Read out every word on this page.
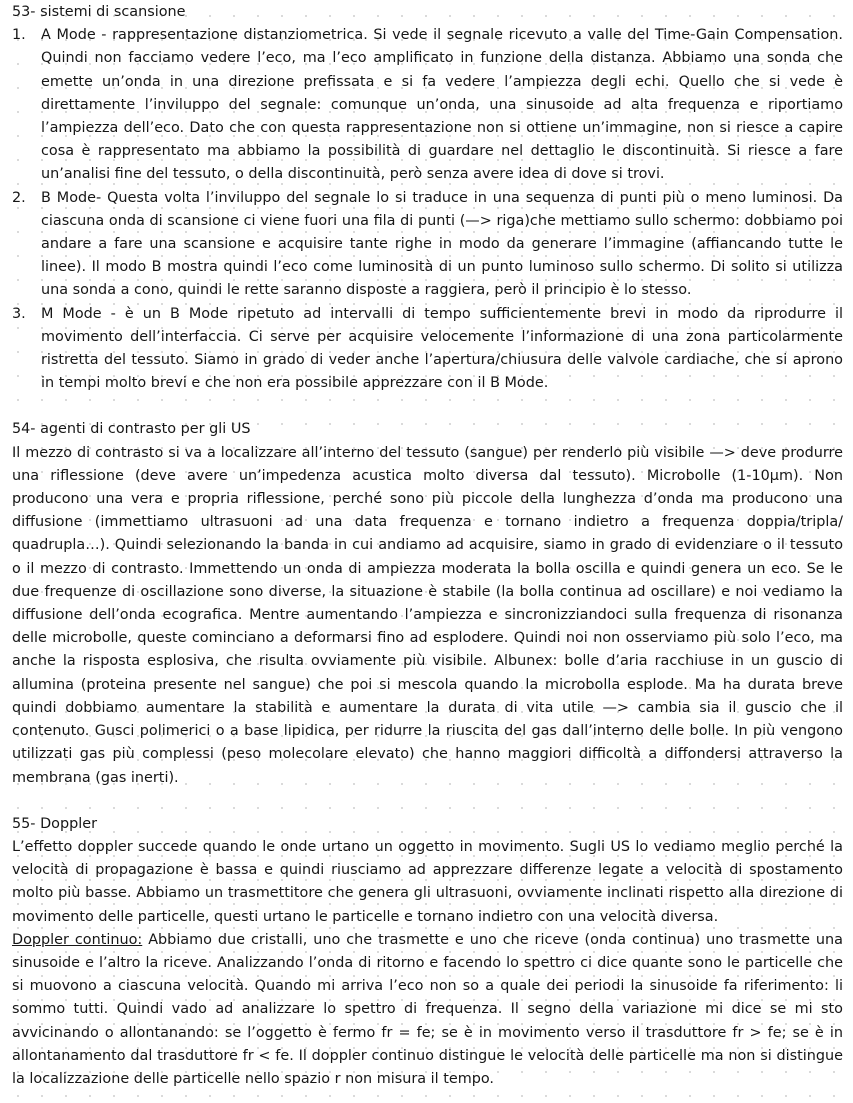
53- sistemi di scansione

1. A Mode - rappresentazione distanziometrica. Si vede il segnale ricevuto a valle del Time-Gain Compensation. Quindi non facciamo vedere l’eco, ma l’eco amplificato in funzione della distanza. Abbiamo una sonda che emette un’onda in una direzione prefissata e si fa vedere l’ampiezza degli echi. Quello che si vede è direttamente l’inviluppo del segnale: comunque un’onda, una sinusoide ad alta frequenza e riportiamo l’ampiezza dell’eco. Dato che con questa rappresentazione non si ottiene un’immagine, non si riesce a capire cosa è rappresentato ma abbiamo la possibilità di guardare nel dettaglio le discontinuità. Si riesce a fare un’analisi fine del tessuto, o della discontinuità, però senza avere idea di dove si trovi.
2. B Mode- Questa volta l’inviluppo del segnale lo si traduce in una sequenza di punti più o meno luminosi. Da ciascuna onda di scansione ci viene fuori una fila di punti (—> riga)che mettiamo sullo schermo: dobbiamo poi andare a fare una scansione e acquisire tante righe in modo da generare l’immagine (affiancando tutte le linee). Il modo B mostra quindi l’eco come luminosità di un punto luminoso sullo schermo. Di solito si utilizza una sonda a cono, quindi le rette saranno disposte a raggiera, però il principio è lo stesso.
3. M Mode - è un B Mode ripetuto ad intervalli di tempo sufficientemente brevi in modo da riprodurre il movimento dell’interfaccia. Ci serve per acquisire velocemente l’informazione di una zona particolarmente ristretta del tessuto. Siamo in grado di veder anche l’apertura/chiusura delle valvole cardiache, che si aprono in tempi molto brevi e che non era possibile apprezzare con il B Mode.

54- agenti di contrasto per gli US

Il mezzo di contrasto si va a localizzare all’interno del tessuto (sangue) per renderlo più visibile —> deve produrre una riflessione (deve avere un’impedenza acustica molto diversa dal tessuto). Microbolle (1-10μm). Non producono una vera e propria riflessione, perché sono più piccole della lunghezza d’onda ma producono una diffusione (immettiamo ultrasuoni ad una data frequenza e tornano indietro a frequenza doppia/tripla/ quadrupla…). Quindi selezionando la banda in cui andiamo ad acquisire, siamo in grado di evidenziare o il tessuto o il mezzo di contrasto. Immettendo un onda di ampiezza moderata la bolla oscilla e quindi genera un eco. Se le due frequenze di oscillazione sono diverse, la situazione è stabile (la bolla continua ad oscillare) e noi vediamo la diffusione dell’onda ecografica. Mentre aumentando l’ampiezza e sincronizziandoci sulla frequenza di risonanza delle microbolle, queste cominciano a deformarsi fino ad esplodere. Quindi noi non osserviamo più solo l’eco, ma anche la risposta esplosiva, che risulta ovviamente più visibile. Albunex: bolle d’aria racchiuse in un guscio di allumina (proteina presente nel sangue) che poi si mescola quando la microbolla esplode. Ma ha durata breve quindi dobbiamo aumentare la stabilità e aumentare la durata di vita utile —> cambia sia il guscio che il contenuto. Gusci polimerici o a base lipidica, per ridurre la riuscita del gas dall’interno delle bolle. In più vengono utilizzati gas più complessi (peso molecolare elevato) che hanno maggiori difficoltà a diffondersi attraverso la membrana (gas inerti).

55- Doppler

L’effetto doppler succede quando le onde urtano un oggetto in movimento. Sugli US lo vediamo meglio perché la velocità di propagazione è bassa e quindi riusciamo ad apprezzare differenze legate a velocità di spostamento molto più basse. Abbiamo un trasmettitore che genera gli ultrasuoni, ovviamente inclinati rispetto alla direzione di movimento delle particelle, questi urtano le particelle e tornano indietro con una velocità diversa.

Doppler continuo: Abbiamo due cristalli, uno che trasmette e uno che riceve (onda continua) uno trasmette una sinusoide e l’altro la riceve. Analizzando l’onda di ritorno e facendo lo spettro ci dice quante sono le particelle che si muovono a ciascuna velocità. Quando mi arriva l’eco non so a quale dei periodi la sinusoide fa riferimento: li sommo tutti. Quindi vado ad analizzare lo spettro di frequenza. Il segno della variazione mi dice se mi sto avvicinando o allontanando: se l’oggetto è fermo fr = fe; se è in movimento verso il trasduttore fr > fe; se è in allontanamento dal trasduttore fr < fe. Il doppler continuo distingue le velocità delle particelle ma non si distingue la localizzazione delle particelle nello spazio r non misura il tempo.
